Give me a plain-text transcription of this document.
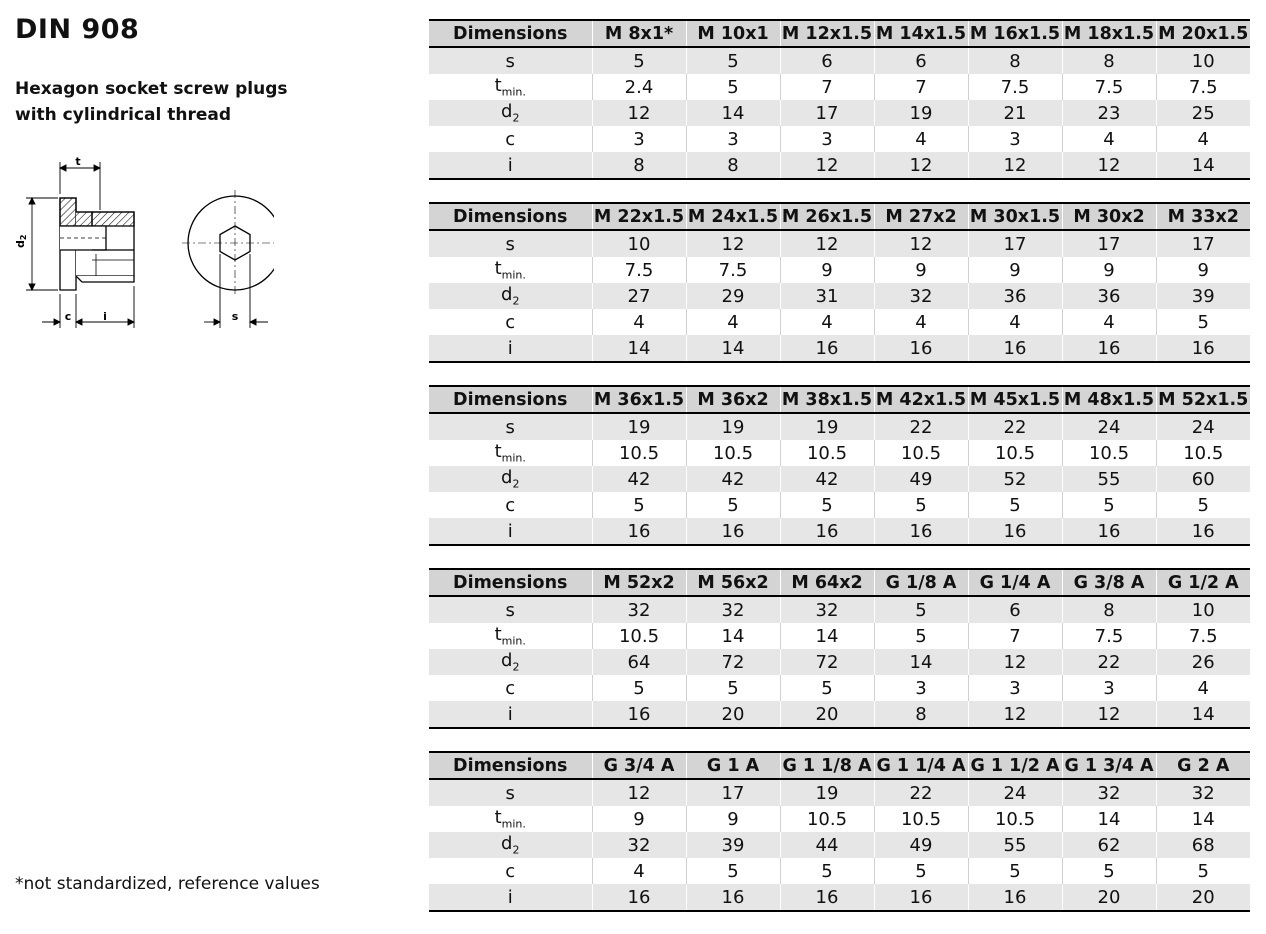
DIN 908
Hexagon socket screw plugs
with cylindrical thread
t
d2
c	i	s
*not standardized, reference values
Dimensions	M 8x1*	M 10x1	M 12x1.5	M 14x1.5	M 16x1.5	M 18x1.5	M 20x1.5
s	5	5	6	6	8	8	10
$t_{min.}$	2.4	5	7	7	7.5	7.5	7.5
$d_2$	12	14	17	19	21	23	25
c	3	3	3	4	3	4	4
i	8	8	12	12	12	12	14
Dimensions	M 22x1.5	M 24x1.5	M 26x1.5	M 27x2	M 30x1.5	M 30x2	M 33x2
s	10	12	12	12	17	17	17
$t_{min.}$	7.5	7.5	9	9	9	9	9
$d_2$	27	29	31	32	36	36	39
c	4	4	4	4	4	4	5
i	14	14	16	16	16	16	16
Dimensions	M 36x1.5	M 36x2	M 38x1.5	M 42x1.5	M 45x1.5	M 48x1.5	M 52x1.5
s	19	19	19	22	22	24	24
$t_{min.}$	10.5	10.5	10.5	10.5	10.5	10.5	10.5
$d_2$	42	42	42	49	52	55	60
c	5	5	5	5	5	5	5
i	16	16	16	16	16	16	16
Dimensions	M 52x2	M 56x2	M 64x2	G 1/8 A	G 1/4 A	G 3/8 A	G 1/2 A
s	32	32	32	5	6	8	10
$t_{min.}$	10.5	14	14	5	7	7.5	7.5
$d_2$	64	72	72	14	12	22	26
c	5	5	5	3	3	3	4
i	16	20	20	8	12	12	14
Dimensions	G 3/4 A	G 1 A	G 1 1/8 A	G 1 1/4 A	G 1 1/2 A	G 1 3/4 A	G 2 A
s	12	17	19	22	24	32	32
$t_{min.}$	9	9	10.5	10.5	10.5	14	14
$d_2$	32	39	44	49	55	62	68
c	4	5	5	5	5	5	5
i	16	16	16	16	16	20	20
